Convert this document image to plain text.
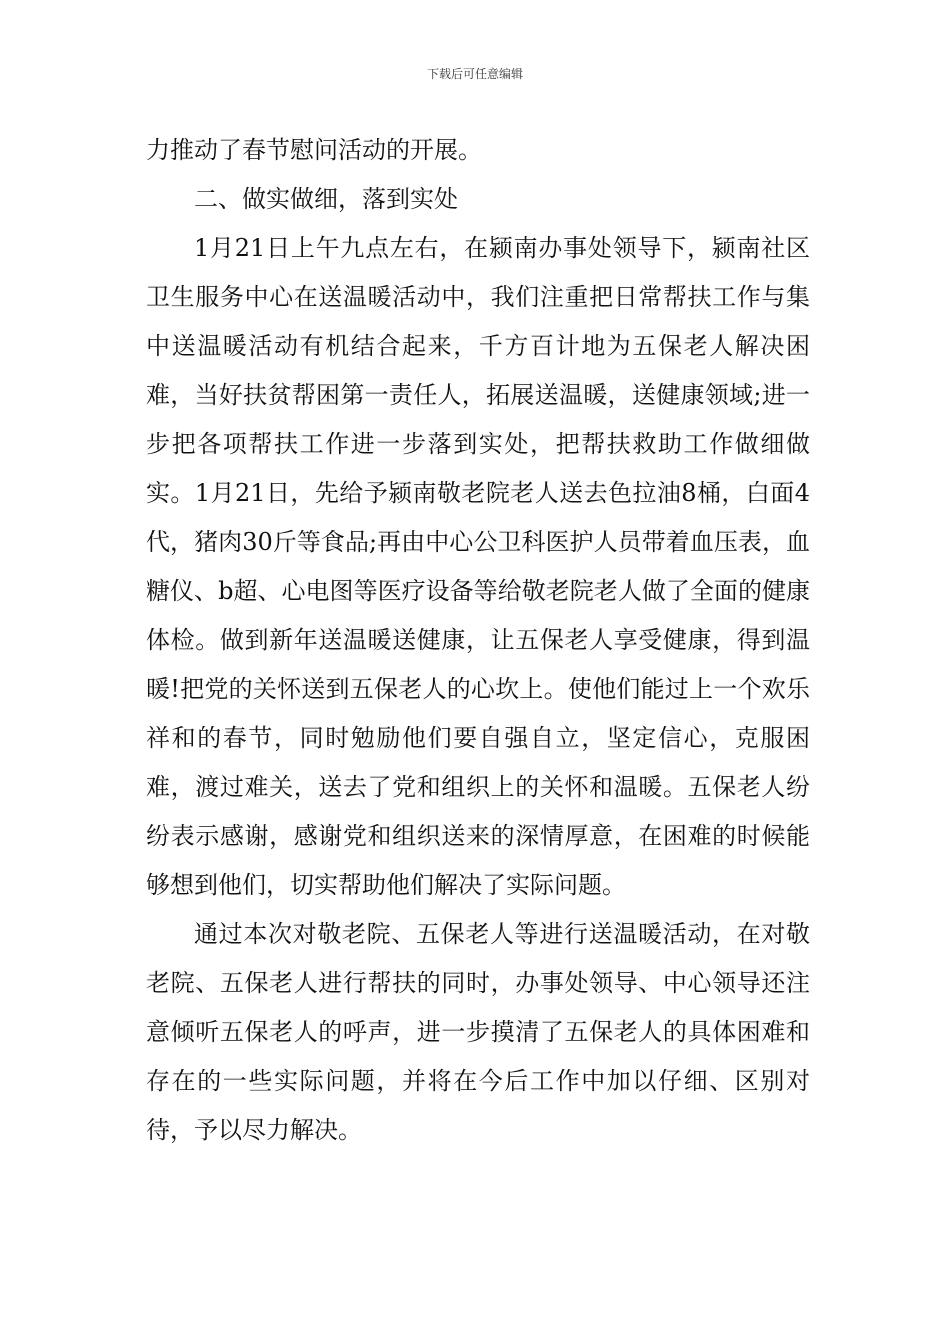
下载后可任意编辑

力推动了春节慰问活动的开展。

二、做实做细，落到实处

1月21日上午九点左右，在颍南办事处领导下，颍南社区卫生服务中心在送温暖活动中，我们注重把日常帮扶工作与集中送温暖活动有机结合起来，千方百计地为五保老人解决困难，当好扶贫帮困第一责任人，拓展送温暖，送健康领域;进一步把各项帮扶工作进一步落到实处，把帮扶救助工作做细做实。1月21日，先给予颍南敬老院老人送去色拉油8桶，白面4代，猪肉30斤等食品;再由中心公卫科医护人员带着血压表，血糖仪、b超、心电图等医疗设备等给敬老院老人做了全面的健康体检。做到新年送温暖送健康，让五保老人享受健康，得到温暖!把党的关怀送到五保老人的心坎上。使他们能过上一个欢乐祥和的春节，同时勉励他们要自强自立，坚定信心，克服困难，渡过难关，送去了党和组织上的关怀和温暖。五保老人纷纷表示感谢，感谢党和组织送来的深情厚意，在困难的时候能够想到他们，切实帮助他们解决了实际问题。

通过本次对敬老院、五保老人等进行送温暖活动，在对敬老院、五保老人进行帮扶的同时，办事处领导、中心领导还注意倾听五保老人的呼声，进一步摸清了五保老人的具体困难和存在的一些实际问题，并将在今后工作中加以仔细、区别对待，予以尽力解决。
